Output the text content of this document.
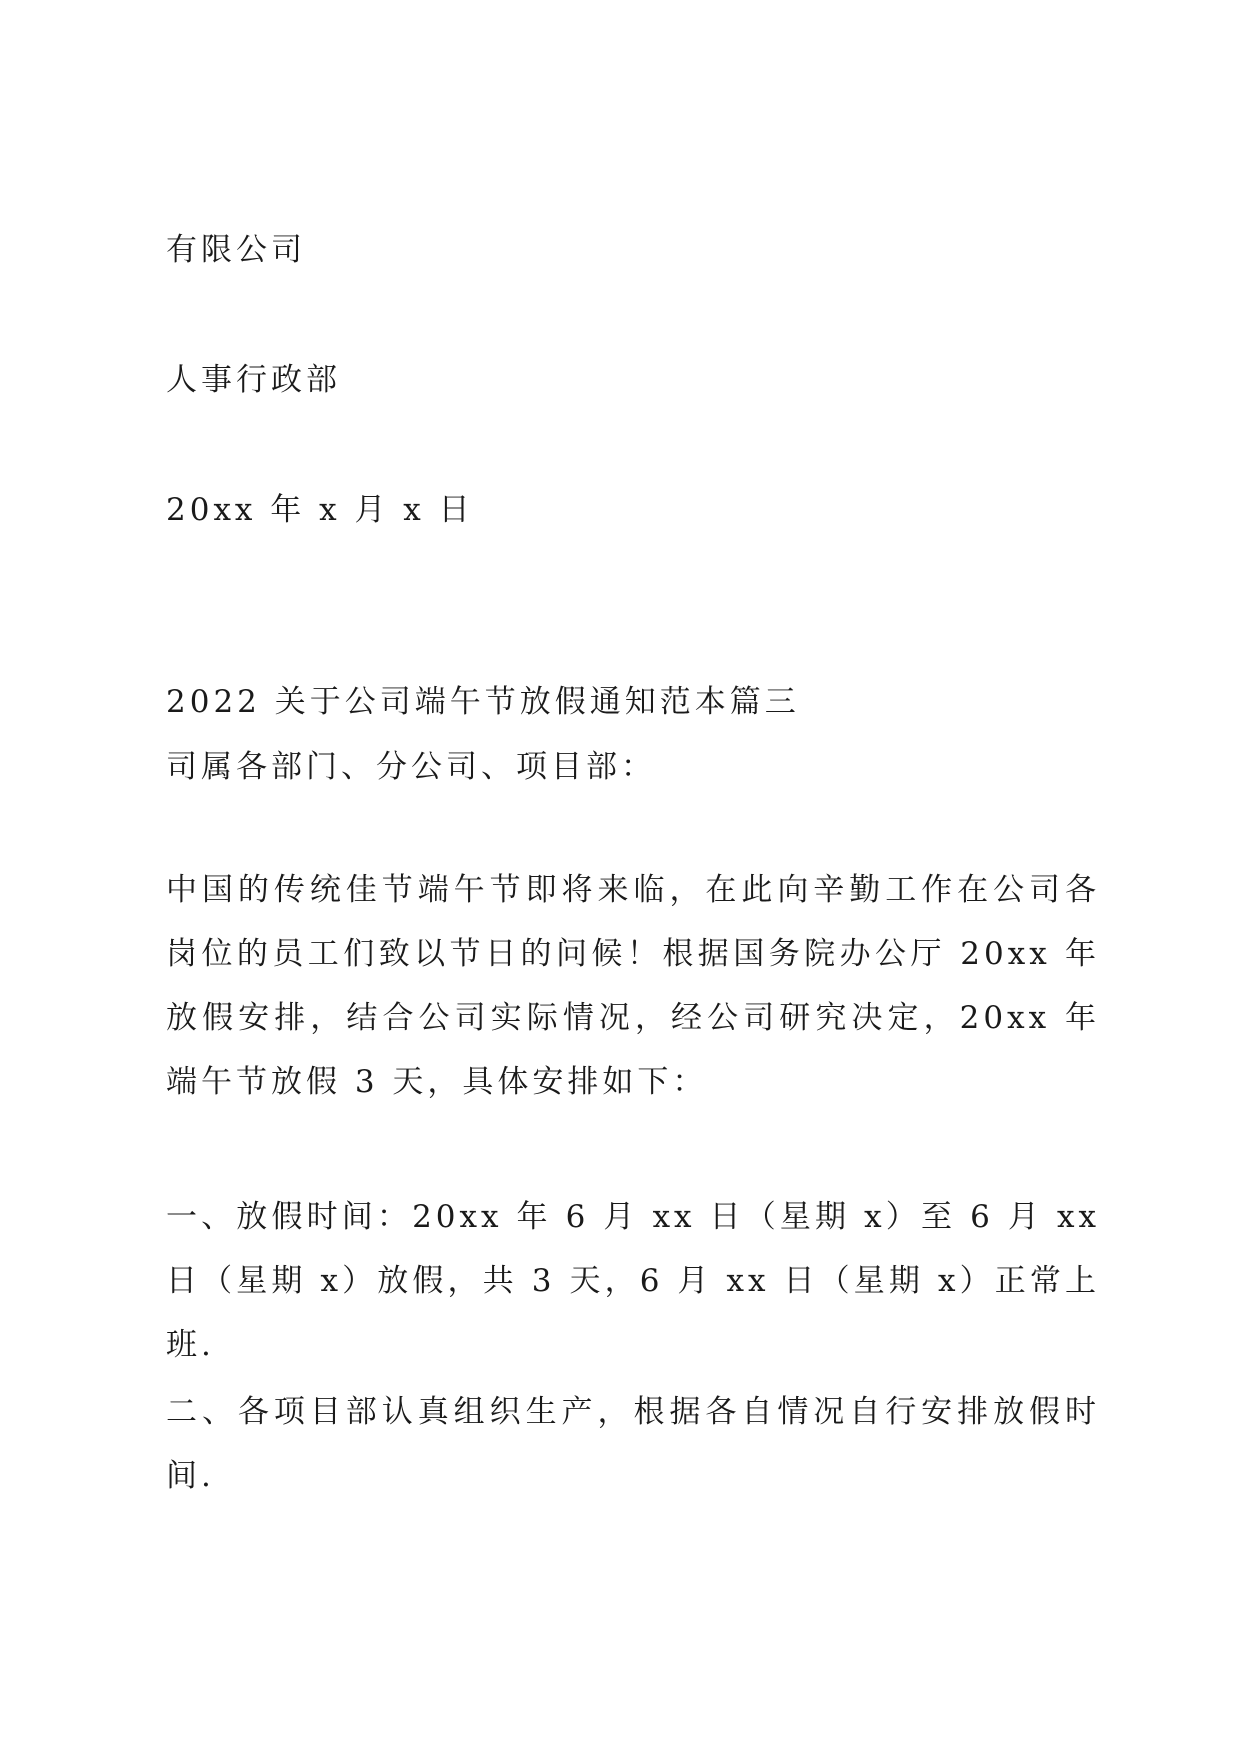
有限公司
人事行政部
20xx 年 x 月 x 日
2022 关于公司端午节放假通知范本篇三
司属各部门、分公司、项目部：
中国的传统佳节端午节即将来临，在此向辛勤工作在公司各岗位的员工们致以节日的问候！根据国务院办公厅 20xx 年放假安排，结合公司实际情况，经公司研究决定，20xx 年端午节放假 3 天，具体安排如下：
一、放假时间：20xx 年 6 月 xx 日（星期 x）至 6 月 xx 日（星期 x）放假，共 3 天，6 月 xx 日（星期 x）正常上班.
二、各项目部认真组织生产，根据各自情况自行安排放假时间.
